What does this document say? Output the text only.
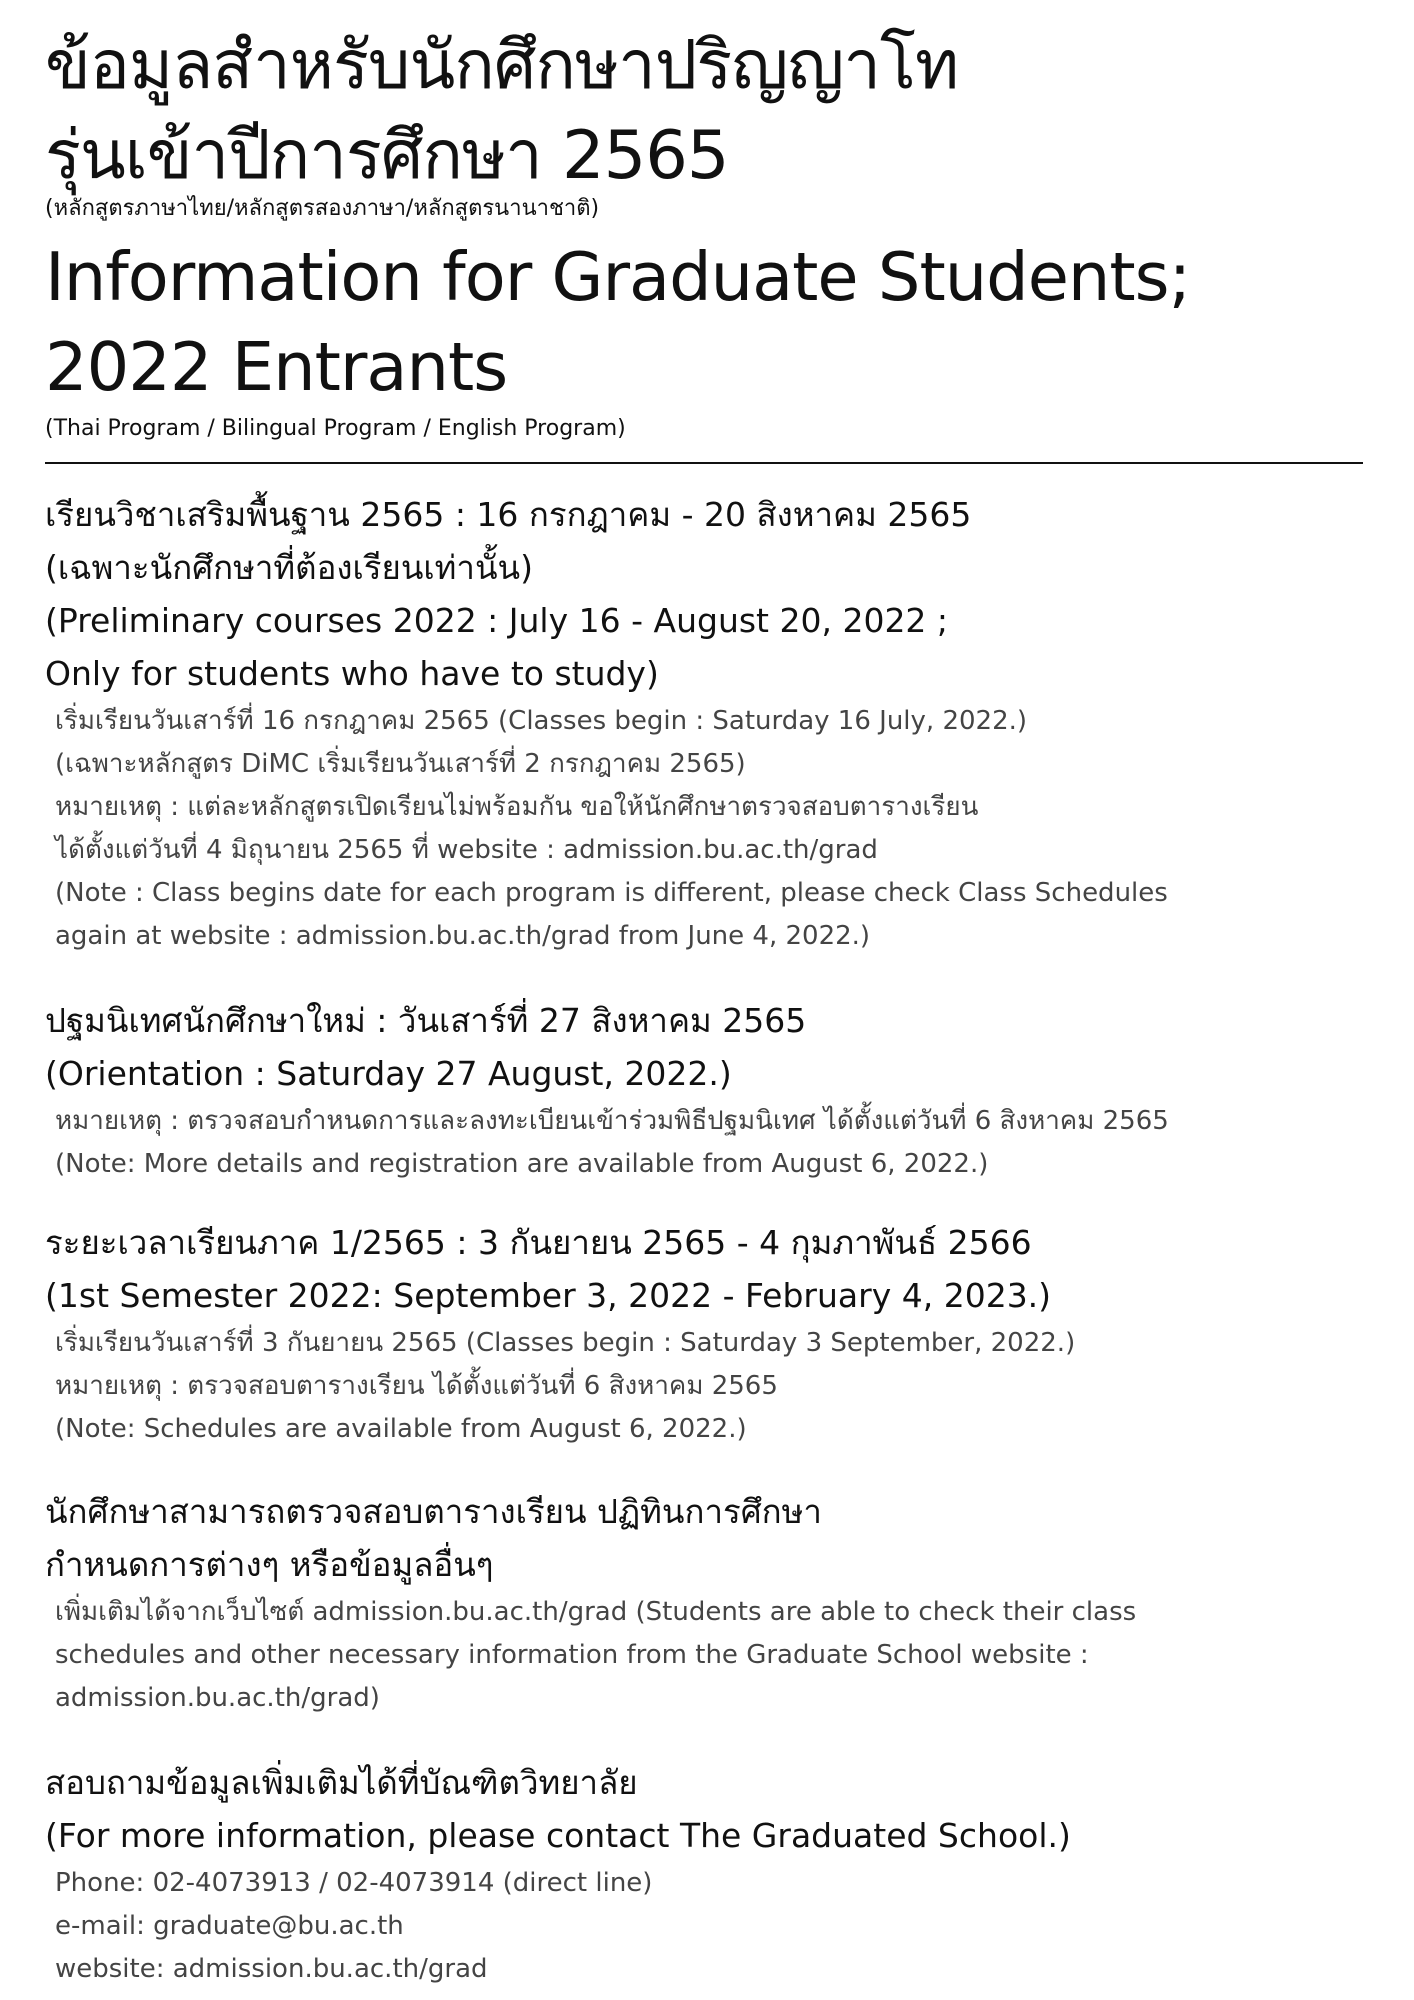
ข้อมูลสำหรับนักศึกษาปริญญาโท
รุ่นเข้าปีการศึกษา 2565

(หลักสูตรภาษาไทย/หลักสูตรสองภาษา/หลักสูตรนานาชาติ)

Information for Graduate Students;
2022 Entrants

(Thai Program / Bilingual Program / English Program)

เรียนวิชาเสริมพื้นฐาน 2565 : 16 กรกฎาคม - 20 สิงหาคม 2565

(เฉพาะนักศึกษาที่ต้องเรียนเท่านั้น)

(Preliminary courses 2022 : July 16 - August 20, 2022 ;

Only for students who have to study)

เริ่มเรียนวันเสาร์ที่ 16 กรกฎาคม 2565 (Classes begin : Saturday 16 July, 2022.)

(เฉพาะหลักสูตร DiMC เริ่มเรียนวันเสาร์ที่ 2 กรกฎาคม 2565)

หมายเหตุ : แต่ละหลักสูตรเปิดเรียนไม่พร้อมกัน ขอให้นักศึกษาตรวจสอบตารางเรียน

ได้ตั้งแต่วันที่ 4 มิถุนายน 2565 ที่ website : admission.bu.ac.th/grad

(Note : Class begins date for each program is different, please check Class Schedules

again at website : admission.bu.ac.th/grad from June 4, 2022.)

ปฐมนิเทศนักศึกษาใหม่ : วันเสาร์ที่ 27 สิงหาคม 2565

(Orientation : Saturday 27 August, 2022.)

หมายเหตุ : ตรวจสอบกำหนดการและลงทะเบียนเข้าร่วมพิธีปฐมนิเทศ ได้ตั้งแต่วันที่ 6 สิงหาคม 2565

(Note: More details and registration are available from August 6, 2022.)

ระยะเวลาเรียนภาค 1/2565 : 3 กันยายน 2565 - 4 กุมภาพันธ์ 2566

(1st Semester 2022: September 3, 2022 - February 4, 2023.)

เริ่มเรียนวันเสาร์ที่ 3 กันยายน 2565 (Classes begin : Saturday 3 September, 2022.)

หมายเหตุ : ตรวจสอบตารางเรียน ได้ตั้งแต่วันที่ 6 สิงหาคม 2565

(Note: Schedules are available from August 6, 2022.)

นักศึกษาสามารถตรวจสอบตารางเรียน ปฏิทินการศึกษา

กำหนดการต่างๆ หรือข้อมูลอื่นๆ

เพิ่มเติมได้จากเว็บไซต์ admission.bu.ac.th/grad (Students are able to check their class

schedules and other necessary information from the Graduate School website :

admission.bu.ac.th/grad)

สอบถามข้อมูลเพิ่มเติมได้ที่บัณฑิตวิทยาลัย

(For more information, please contact The Graduated School.)

Phone: 02-4073913 / 02-4073914 (direct line)

e-mail: graduate@bu.ac.th

website: admission.bu.ac.th/grad
